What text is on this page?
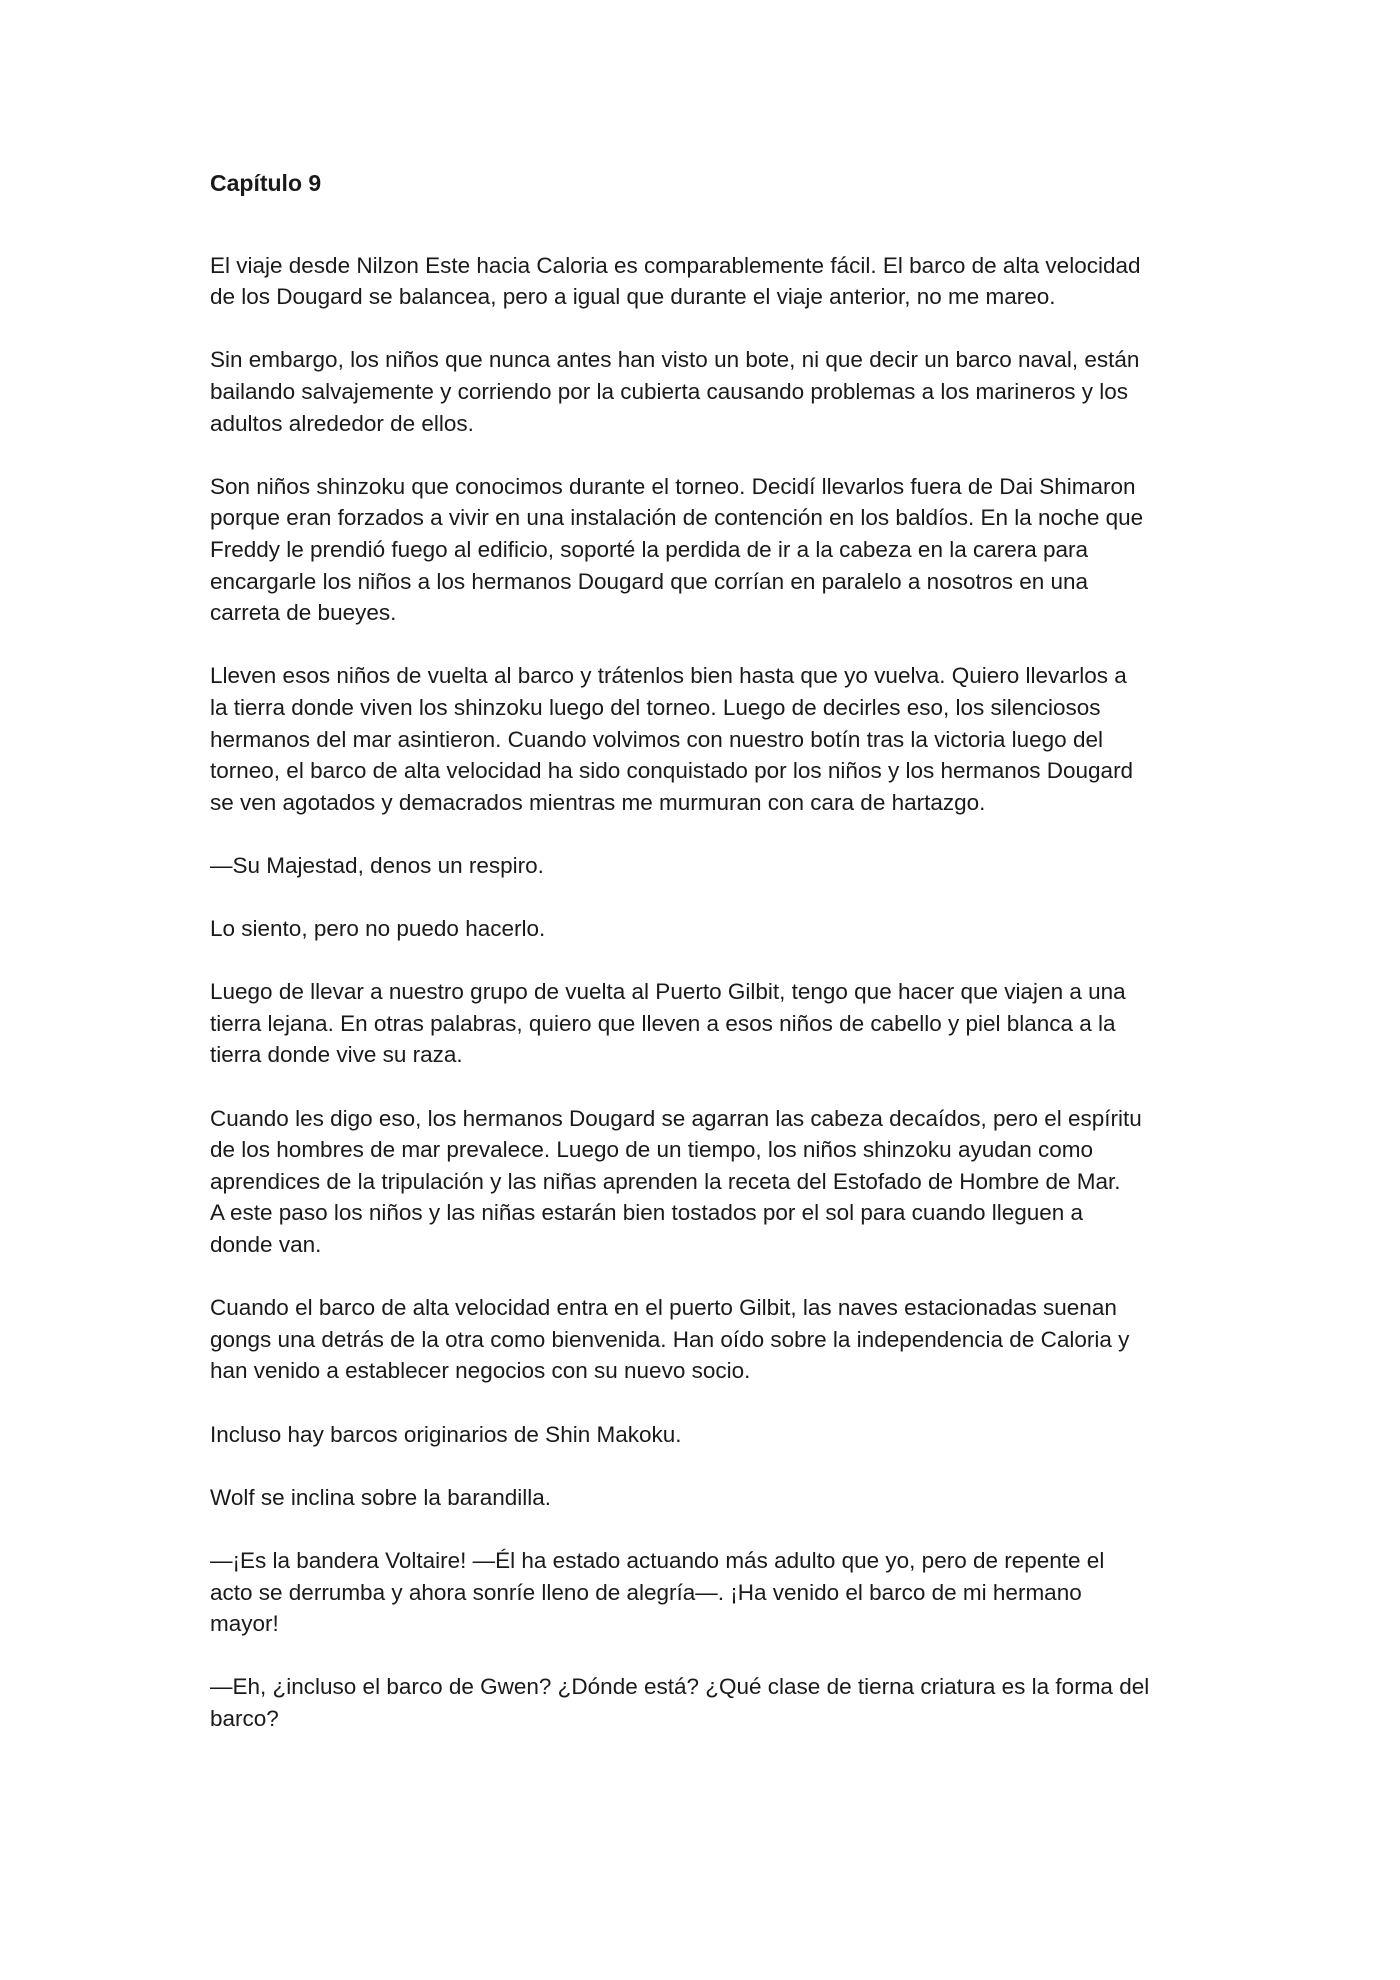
Capítulo 9
El viaje desde Nilzon Este hacia Caloria es comparablemente fácil. El barco de alta velocidad
de los Dougard se balancea, pero a igual que durante el viaje anterior, no me mareo.
Sin embargo, los niños que nunca antes han visto un bote, ni que decir un barco naval, están
bailando salvajemente y corriendo por la cubierta causando problemas a los marineros y los
adultos alrededor de ellos.
Son niños shinzoku que conocimos durante el torneo. Decidí llevarlos fuera de Dai Shimaron
porque eran forzados a vivir en una instalación de contención en los baldíos. En la noche que
Freddy le prendió fuego al edificio, soporté la perdida de ir a la cabeza en la carera para
encargarle los niños a los hermanos Dougard que corrían en paralelo a nosotros en una
carreta de bueyes.
Lleven esos niños de vuelta al barco y trátenlos bien hasta que yo vuelva. Quiero llevarlos a
la tierra donde viven los shinzoku luego del torneo. Luego de decirles eso, los silenciosos
hermanos del mar asintieron. Cuando volvimos con nuestro botín tras la victoria luego del
torneo, el barco de alta velocidad ha sido conquistado por los niños y los hermanos Dougard
se ven agotados y demacrados mientras me murmuran con cara de hartazgo.
—Su Majestad, denos un respiro.
Lo siento, pero no puedo hacerlo.
Luego de llevar a nuestro grupo de vuelta al Puerto Gilbit, tengo que hacer que viajen a una
tierra lejana. En otras palabras, quiero que lleven a esos niños de cabello y piel blanca a la
tierra donde vive su raza.
Cuando les digo eso, los hermanos Dougard se agarran las cabeza decaídos, pero el espíritu
de los hombres de mar prevalece. Luego de un tiempo, los niños shinzoku ayudan como
aprendices de la tripulación y las niñas aprenden la receta del Estofado de Hombre de Mar.
A este paso los niños y las niñas estarán bien tostados por el sol para cuando lleguen a
donde van.
Cuando el barco de alta velocidad entra en el puerto Gilbit, las naves estacionadas suenan
gongs una detrás de la otra como bienvenida. Han oído sobre la independencia de Caloria y
han venido a establecer negocios con su nuevo socio.
Incluso hay barcos originarios de Shin Makoku.
Wolf se inclina sobre la barandilla.
—¡Es la bandera Voltaire! —Él ha estado actuando más adulto que yo, pero de repente el
acto se derrumba y ahora sonríe lleno de alegría—. ¡Ha venido el barco de mi hermano
mayor!
—Eh, ¿incluso el barco de Gwen? ¿Dónde está? ¿Qué clase de tierna criatura es la forma del
barco?
